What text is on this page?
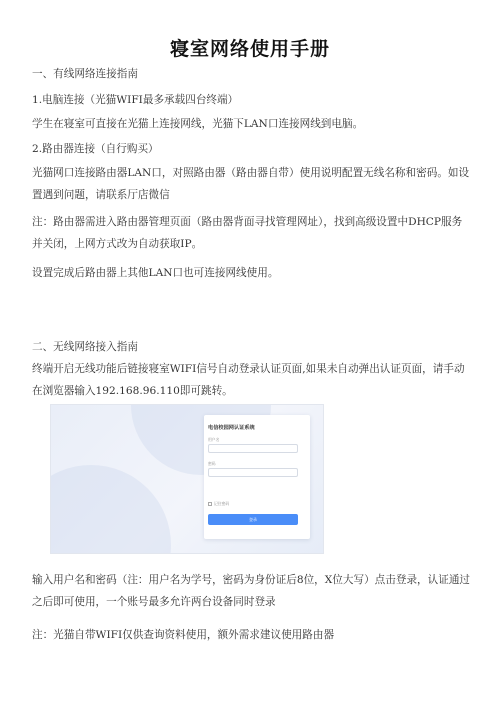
寝室网络使用手册
一、有线网络连接指南
1.电脑连接（光猫WIFI最多承载四台终端）
学生在寝室可直接在光猫上连接网线，光猫下LAN口连接网线到电脑。
2.路由器连接（自行购买）
光猫网口连接路由器LAN口，对照路由器（路由器自带）使用说明配置无线名称和密码。如设置遇到问题，请联系厅店微信
注：路由器需进入路由器管理页面（路由器背面寻找管理网址），找到高级设置中DHCP服务并关闭，上网方式改为自动获取IP。
设置完成后路由器上其他LAN口也可连接网线使用。
二、无线网络接入指南
终端开启无线功能后链接寝室WIFI信号自动登录认证页面,如果未自动弹出认证页面，请手动在浏览器输入192.168.96.110即可跳转。
电信校园网认证系统
用户名
密码
记住密码
登录
输入用户名和密码（注：用户名为学号，密码为身份证后8位，X位大写）点击登录，认证通过之后即可使用，一个账号最多允许两台设备同时登录
注：光猫自带WIFI仅供查询资料使用，额外需求建议使用路由器
